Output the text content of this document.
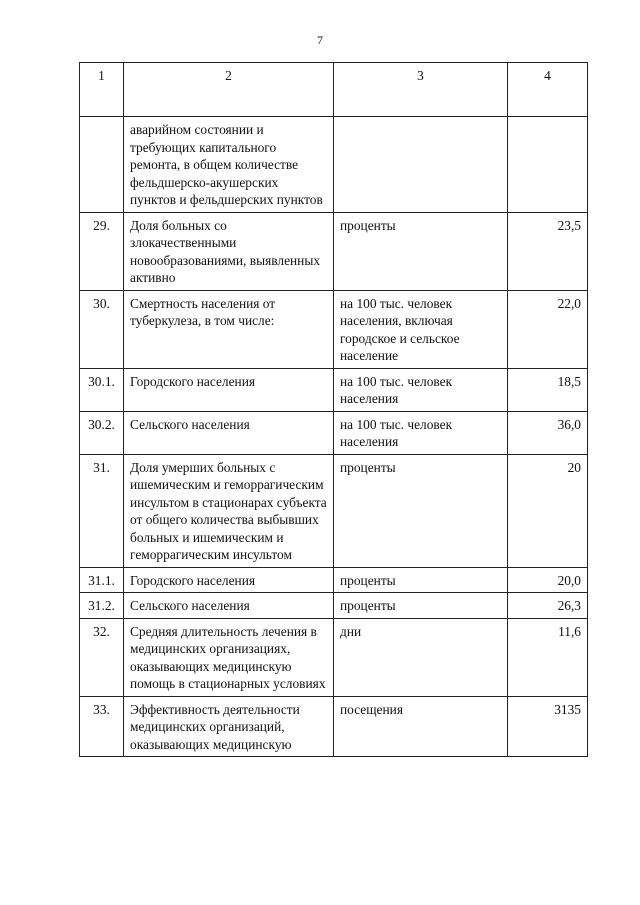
7
1	2	3	4
	аварийном состоянии и требующих капитального ремонта, в общем количестве фельдшерско-акушерских пунктов и фельдшерских пунктов		
29.	Доля больных со злокачественными новообразованиями, выявленных активно	проценты	23,5
30.	Смертность населения от туберкулеза, в том числе:	на 100 тыс. человек населения, включая городское и сельское население	22,0
30.1.	Городского населения	на 100 тыс. человек населения	18,5
30.2.	Сельского населения	на 100 тыс. человек населения	36,0
31.	Доля умерших больных с ишемическим и геморрагическим инсультом в стационарах субъекта от общего количества выбывших больных и ишемическим и геморрагическим инсультом	проценты	20
31.1.	Городского населения	проценты	20,0
31.2.	Сельского населения	проценты	26,3
32.	Средняя длительность лечения в медицинских организациях, оказывающих медицинскую помощь в стационарных условиях	дни	11,6
33.	Эффективность деятельности медицинских организаций, оказывающих медицинскую	посещения	3135
